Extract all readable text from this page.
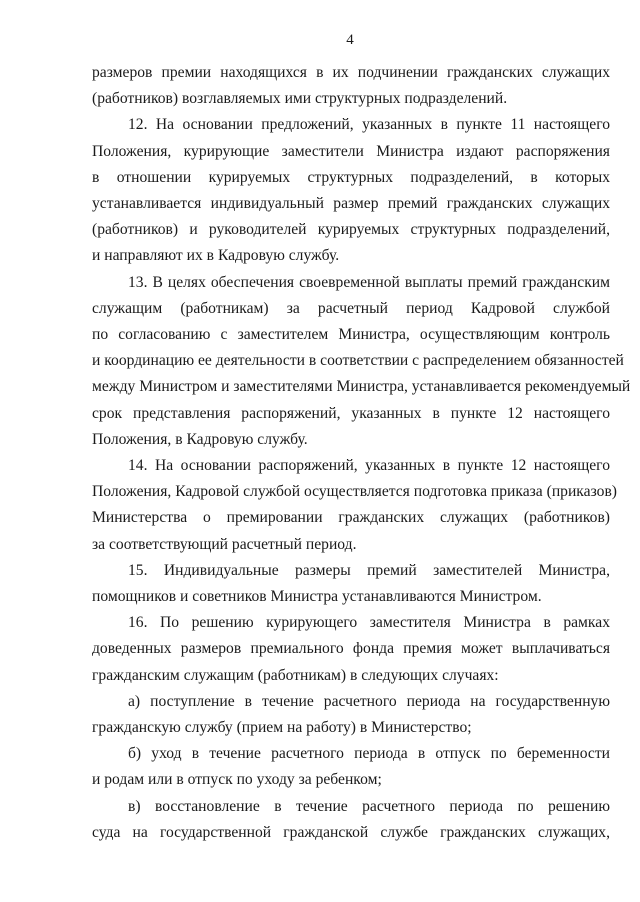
4
размеров премии находящихся в их подчинении гражданских служащих
(работников) возглавляемых ими структурных подразделений.
12. На основании предложений, указанных в пункте 11 настоящего
Положения, курирующие заместители Министра издают распоряжения
в отношении курируемых структурных подразделений, в которых
устанавливается индивидуальный размер премий гражданских служащих
(работников) и руководителей курируемых структурных подразделений,
и направляют их в Кадровую службу.
13. В целях обеспечения своевременной выплаты премий гражданским
служащим (работникам) за расчетный период Кадровой службой
по согласованию с заместителем Министра, осуществляющим контроль
и координацию ее деятельности в соответствии с распределением обязанностей
между Министром и заместителями Министра, устанавливается рекомендуемый
срок представления распоряжений, указанных в пункте 12 настоящего
Положения, в Кадровую службу.
14. На основании распоряжений, указанных в пункте 12 настоящего
Положения, Кадровой службой осуществляется подготовка приказа (приказов)
Министерства о премировании гражданских служащих (работников)
за соответствующий расчетный период.
15. Индивидуальные размеры премий заместителей Министра,
помощников и советников Министра устанавливаются Министром.
16. По решению курирующего заместителя Министра в рамках
доведенных размеров премиального фонда премия может выплачиваться
гражданским служащим (работникам) в следующих случаях:
а) поступление в течение расчетного периода на государственную
гражданскую службу (прием на работу) в Министерство;
б) уход в течение расчетного периода в отпуск по беременности
и родам или в отпуск по уходу за ребенком;
в) восстановление в течение расчетного периода по решению
суда на государственной гражданской службе гражданских служащих,
